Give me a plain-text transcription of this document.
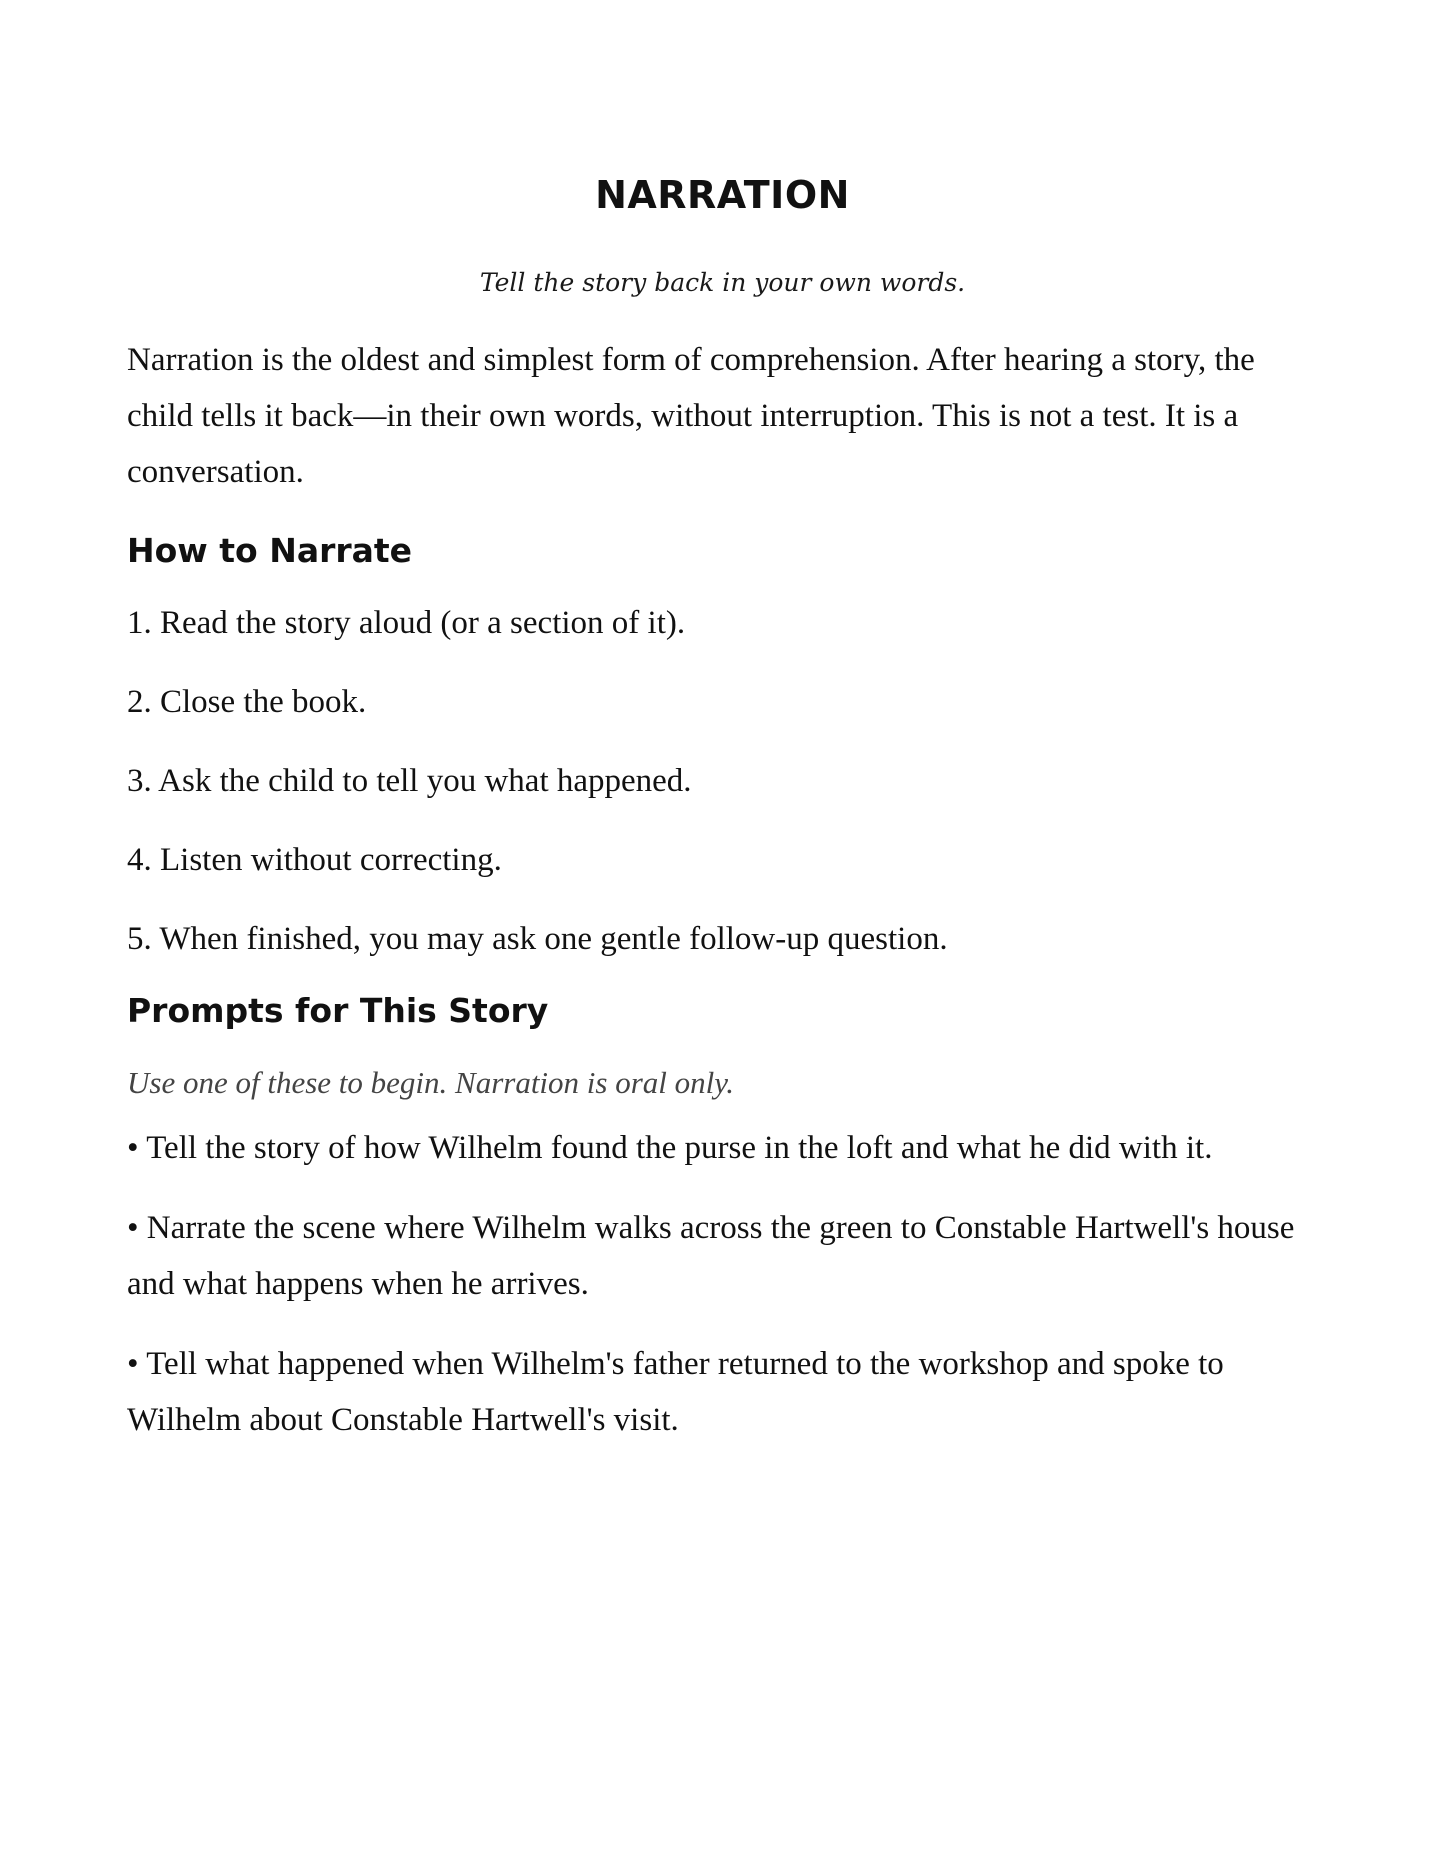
NARRATION

Tell the story back in your own words.

Narration is the oldest and simplest form of comprehension. After hearing a story, the child tells it back—in their own words, without interruption. This is not a test. It is a conversation.

How to Narrate

1. Read the story aloud (or a section of it).

2. Close the book.

3. Ask the child to tell you what happened.

4. Listen without correcting.

5. When finished, you may ask one gentle follow-up question.

Prompts for This Story

Use one of these to begin. Narration is oral only.

• Tell the story of how Wilhelm found the purse in the loft and what he did with it.

• Narrate the scene where Wilhelm walks across the green to Constable Hartwell's house and what happens when he arrives.

• Tell what happened when Wilhelm's father returned to the workshop and spoke to Wilhelm about Constable Hartwell's visit.
